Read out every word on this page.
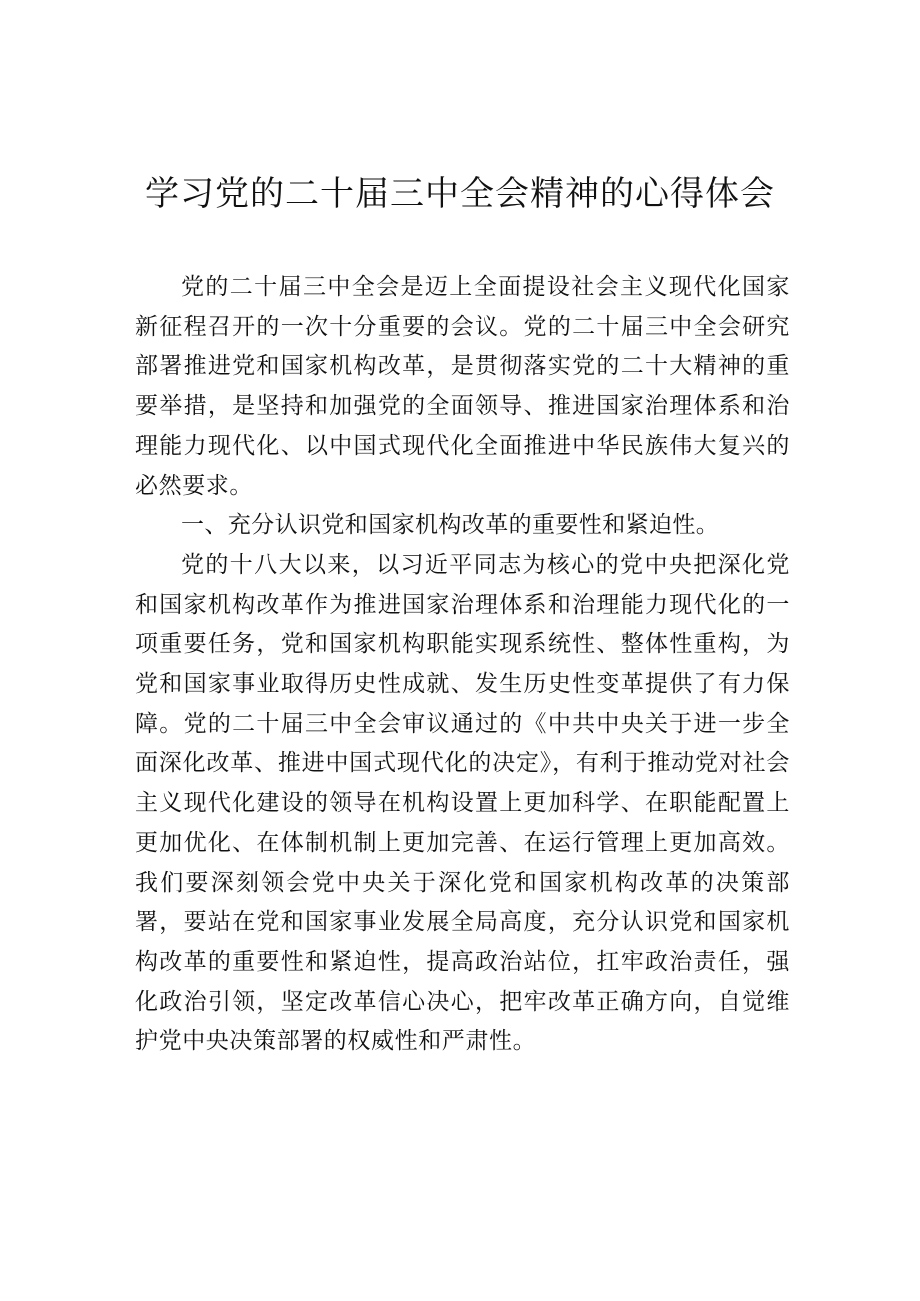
学习党的二十届三中全会精神的心得体会

党的二十届三中全会是迈上全面提设社会主义现代化国家新征程召开的一次十分重要的会议。党的二十届三中全会研究部署推进党和国家机构改革，是贯彻落实党的二十大精神的重要举措，是坚持和加强党的全面领导、推进国家治理体系和治理能力现代化、以中国式现代化全面推进中华民族伟大复兴的必然要求。

一、充分认识党和国家机构改革的重要性和紧迫性。

党的十八大以来，以习近平同志为核心的党中央把深化党和国家机构改革作为推进国家治理体系和治理能力现代化的一项重要任务，党和国家机构职能实现系统性、整体性重构，为党和国家事业取得历史性成就、发生历史性变革提供了有力保障。党的二十届三中全会审议通过的《中共中央关于进一步全面深化改革、推进中国式现代化的决定》，有利于推动党对社会主义现代化建设的领导在机构设置上更加科学、在职能配置上更加优化、在体制机制上更加完善、在运行管理上更加高效。我们要深刻领会党中央关于深化党和国家机构改革的决策部署，要站在党和国家事业发展全局高度，充分认识党和国家机构改革的重要性和紧迫性，提高政治站位，扛牢政治责任，强化政治引领，坚定改革信心决心，把牢改革正确方向，自觉维护党中央决策部署的权威性和严肃性。
